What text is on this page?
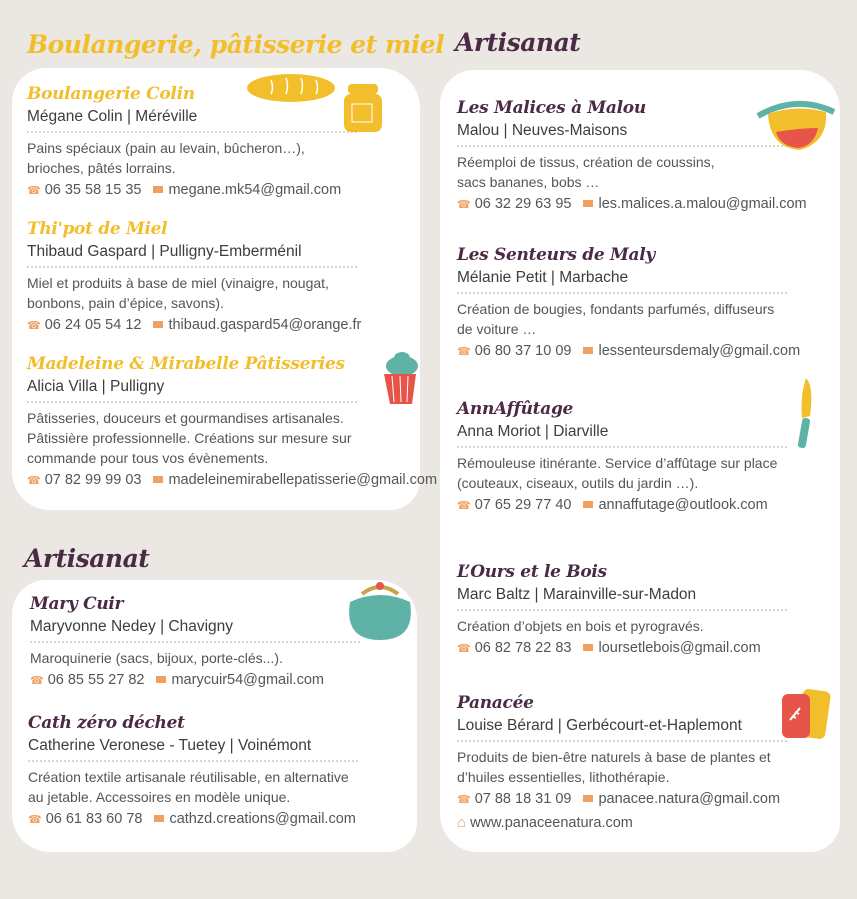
Boulangerie, pâtisserie et miel
Artisanat
Artisanat
Boulangerie Colin
Mégane Colin | Méréville
Pains spéciaux (pain au levain, bûcheron…),
brioches, pâtés lorrains.
☎ 06 35 58 15 35 megane.mk54@gmail.com
Thi'pot de Miel
Thibaud Gaspard | Pulligny-Emberménil
Miel et produits à base de miel (vinaigre, nougat,
bonbons, pain d’épice, savons).
☎ 06 24 05 54 12 thibaud.gaspard54@orange.fr
Madeleine & Mirabelle Pâtisseries
Alicia Villa | Pulligny
Pâtisseries, douceurs et gourmandises artisanales.
Pâtissière professionnelle. Créations sur mesure sur
commande pour tous vos évènements.
☎ 07 82 99 99 03 madeleinemirabellepatisserie@gmail.com
Mary Cuir
Maryvonne Nedey | Chavigny
Maroquinerie (sacs, bijoux, porte-clés...).
☎ 06 85 55 27 82 marycuir54@gmail.com
Cath zéro déchet
Catherine Veronese - Tuetey | Voinémont
Création textile artisanale réutilisable, en alternative
au jetable. Accessoires en modèle unique.
☎ 06 61 83 60 78 cathzd.creations@gmail.com
Les Malices à Malou
Malou | Neuves-Maisons
Réemploi de tissus, création de coussins,
sacs bananes, bobs …
☎ 06 32 29 63 95 les.malices.a.malou@gmail.com
Les Senteurs de Maly
Mélanie Petit | Marbache
Création de bougies, fondants parfumés, diffuseurs
de voiture …
☎ 06 80 37 10 09 lessenteursdemaly@gmail.com
AnnAffûtage
Anna Moriot | Diarville
Rémouleuse itinérante. Service d’affûtage sur place
(couteaux, ciseaux, outils du jardin …).
☎ 07 65 29 77 40 annaffutage@outlook.com
L’Ours et le Bois
Marc Baltz | Marainville-sur-Madon
Création d’objets en bois et pyrogravés.
☎ 06 82 78 22 83 loursetlebois@gmail.com
Panacée
Louise Bérard | Gerbécourt-et-Haplemont
Produits de bien-être naturels à base de plantes et
d’huiles essentielles, lithothérapie.
☎ 07 88 18 31 09 panacee.natura@gmail.com
⌂ www.panaceenatura.com
